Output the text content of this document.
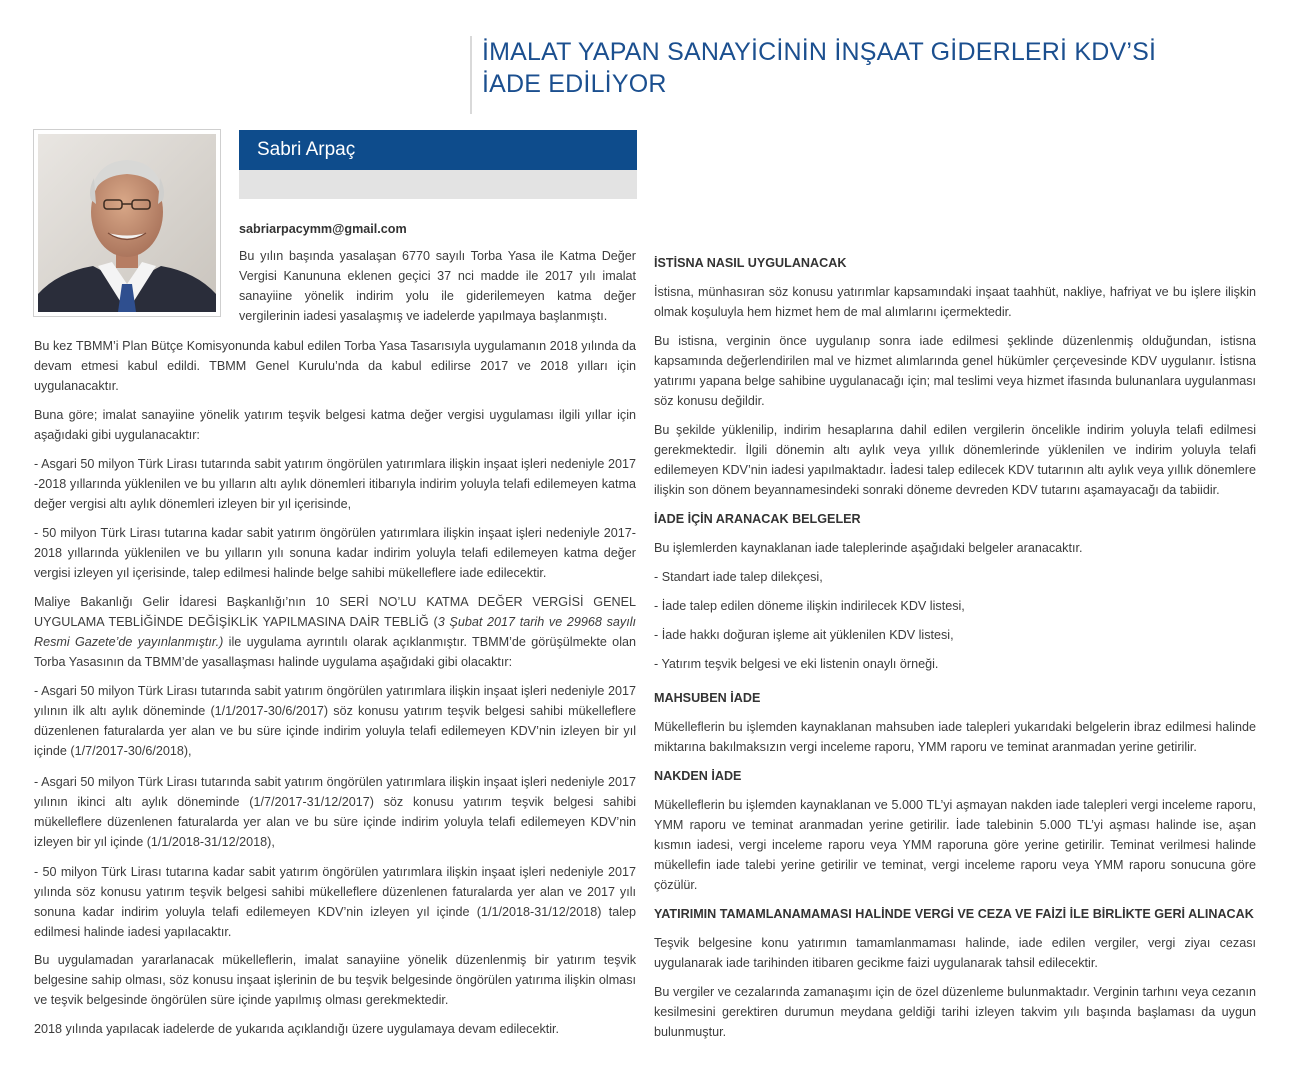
İMALAT YAPAN SANAYİCİNİN İNŞAAT GİDERLERİ KDV’Sİ
İADE EDİLİYOR
Sabri Arpaç
sabriarpacymm@gmail.com

Bu yılın başında yasalaşan 6770 sayılı Torba Yasa ile Katma Değer Vergisi Kanununa eklenen geçici 37 nci madde ile 2017 yılı imalat sanayiine yönelik indirim yolu ile giderilemeyen katma değer vergilerinin iadesi yasalaşmış ve iadelerde yapılmaya başlanmıştı.

Bu kez TBMM’i Plan Bütçe Komisyonunda kabul edilen Torba Yasa Tasarısıyla uygulamanın 2018 yılında da devam etmesi kabul edildi. TBMM Genel Kurulu’nda da kabul edilirse 2017 ve 2018 yılları için uygulanacaktır.

Buna göre; imalat sanayiine yönelik yatırım teşvik belgesi katma değer vergisi uygulaması ilgili yıllar için aşağıdaki gibi uygulanacaktır:

- Asgari 50 milyon Türk Lirası tutarında sabit yatırım öngörülen yatırımlara ilişkin inşaat işleri nedeniyle 2017 -2018 yıllarında yüklenilen ve bu yılların altı aylık dönemleri itibarıyla indirim yoluyla telafi edilemeyen katma değer vergisi altı aylık dönemleri izleyen bir yıl içerisinde,

- 50 milyon Türk Lirası tutarına kadar sabit yatırım öngörülen yatırımlara ilişkin inşaat işleri nedeniyle 2017-2018 yıllarında yüklenilen ve bu yılların yılı sonuna kadar indirim yoluyla telafi edilemeyen katma değer vergisi izleyen yıl içerisinde, talep edilmesi halinde belge sahibi mükelleflere iade edilecektir.

Maliye Bakanlığı Gelir İdaresi Başkanlığı’nın 10 SERİ NO’LU KATMA DEĞER VERGİSİ GENEL UYGULAMA TEBLİĞİNDE DEĞİŞİKLİK YAPILMASINA DAİR TEBLİĞ (3 Şubat 2017 tarih ve 29968 sayılı Resmi Gazete’de yayınlanmıştır.) ile uygulama ayrıntılı olarak açıklanmıştır. TBMM’de görüşülmekte olan Torba Yasasının da TBMM’de yasallaşması halinde uygulama aşağıdaki gibi olacaktır:

- Asgari 50 milyon Türk Lirası tutarında sabit yatırım öngörülen yatırımlara ilişkin inşaat işleri nedeniyle 2017 yılının ilk altı aylık döneminde (1/1/2017-30/6/2017) söz konusu yatırım teşvik belgesi sahibi mükelleflere düzenlenen faturalarda yer alan ve bu süre içinde indirim yoluyla telafi edilemeyen KDV’nin izleyen bir yıl içinde (1/7/2017-30/6/2018),

- Asgari 50 milyon Türk Lirası tutarında sabit yatırım öngörülen yatırımlara ilişkin inşaat işleri nedeniyle 2017 yılının ikinci altı aylık döneminde (1/7/2017-31/12/2017) söz konusu yatırım teşvik belgesi sahibi mükelleflere düzenlenen faturalarda yer alan ve bu süre içinde indirim yoluyla telafi edilemeyen KDV’nin izleyen bir yıl içinde (1/1/2018-31/12/2018),

- 50 milyon Türk Lirası tutarına kadar sabit yatırım öngörülen yatırımlara ilişkin inşaat işleri nedeniyle 2017 yılında söz konusu yatırım teşvik belgesi sahibi mükelleflere düzenlenen faturalarda yer alan ve 2017 yılı sonuna kadar indirim yoluyla telafi edilemeyen KDV’nin izleyen yıl içinde (1/1/2018-31/12/2018) talep edilmesi halinde iadesi yapılacaktır.

Bu uygulamadan yararlanacak mükelleflerin, imalat sanayiine yönelik düzenlenmiş bir yatırım teşvik belgesine sahip olması, söz konusu inşaat işlerinin de bu teşvik belgesinde öngörülen yatırıma ilişkin olması ve teşvik belgesinde öngörülen süre içinde yapılmış olması gerekmektedir.

2018 yılında yapılacak iadelerde de yukarıda açıklandığı üzere uygulamaya devam edilecektir.

İSTİSNA NASIL UYGULANACAK

İstisna, münhasıran söz konusu yatırımlar kapsamındaki inşaat taahhüt, nakliye, hafriyat ve bu işlere ilişkin olmak koşuluyla hem hizmet hem de mal alımlarını içermektedir.

Bu istisna, verginin önce uygulanıp sonra iade edilmesi şeklinde düzenlenmiş olduğundan, istisna kapsamında değerlendirilen mal ve hizmet alımlarında genel hükümler çerçevesinde KDV uygulanır. İstisna yatırımı yapana belge sahibine uygulanacağı için; mal teslimi veya hizmet ifasında bulunanlara uygulanması söz konusu değildir.

Bu şekilde yüklenilip, indirim hesaplarına dahil edilen vergilerin öncelikle indirim yoluyla telafi edilmesi gerekmektedir. İlgili dönemin altı aylık veya yıllık dönemlerinde yüklenilen ve indirim yoluyla telafi edilemeyen KDV’nin iadesi yapılmaktadır. İadesi talep edilecek KDV tutarının altı aylık veya yıllık dönemlere ilişkin son dönem beyannamesindeki sonraki döneme devreden KDV tutarını aşamayacağı da tabiidir.

İADE İÇİN ARANACAK BELGELER

Bu işlemlerden kaynaklanan iade taleplerinde aşağıdaki belgeler aranacaktır.

- Standart iade talep dilekçesi,

- İade talep edilen döneme ilişkin indirilecek KDV listesi,

- İade hakkı doğuran işleme ait yüklenilen KDV listesi,

- Yatırım teşvik belgesi ve eki listenin onaylı örneği.

MAHSUBEN İADE

Mükelleflerin bu işlemden kaynaklanan mahsuben iade talepleri yukarıdaki belgelerin ibraz edilmesi halinde miktarına bakılmaksızın vergi inceleme raporu, YMM raporu ve teminat aranmadan yerine getirilir.

NAKDEN İADE

Mükelleflerin bu işlemden kaynaklanan ve 5.000 TL’yi aşmayan nakden iade talepleri vergi inceleme raporu, YMM raporu ve teminat aranmadan yerine getirilir. İade talebinin 5.000 TL’yi aşması halinde ise, aşan kısmın iadesi, vergi inceleme raporu veya YMM raporuna göre yerine getirilir. Teminat verilmesi halinde mükellefin iade talebi yerine getirilir ve teminat, vergi inceleme raporu veya YMM raporu sonucuna göre çözülür.

YATIRIMIN TAMAMLANAMAMASI HALİNDE VERGİ VE CEZA VE FAİZİ İLE BİRLİKTE GERİ ALINACAK

Teşvik belgesine konu yatırımın tamamlanmaması halinde, iade edilen vergiler, vergi ziyaı cezası uygulanarak iade tarihinden itibaren gecikme faizi uygulanarak tahsil edilecektir.

Bu vergiler ve cezalarında zamanaşımı için de özel düzenleme bulunmaktadır. Verginin tarhını veya cezanın kesilmesini gerektiren durumun meydana geldiği tarihi izleyen takvim yılı başında başlaması da uygun bulunmuştur.
